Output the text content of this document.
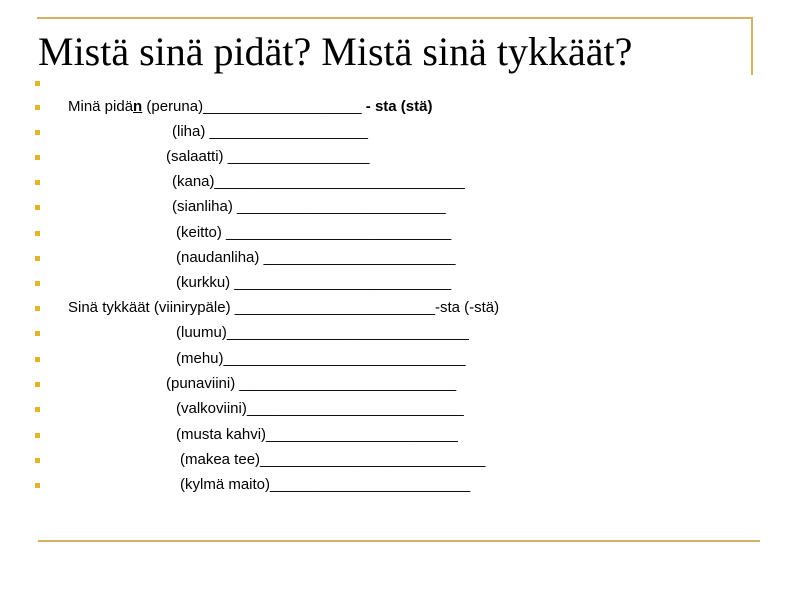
Mistä sinä pidät? Mistä sinä tykkäät?
Minä pidän (peruna)___________________ - sta (stä)
(liha) ___________________
(salaatti) _________________
(kana)______________________________
(sianliha) _________________________
(keitto) ___________________________
(naudanliha) _______________________
(kurkku) __________________________
Sinä tykkäät (viinirypäle) ________________________-sta (-stä)
(luumu)_____________________________
(mehu)_____________________________
(punaviini) __________________________
(valkoviini)__________________________
(musta kahvi)_______________________
(makea tee)___________________________
(kylmä maito)________________________
